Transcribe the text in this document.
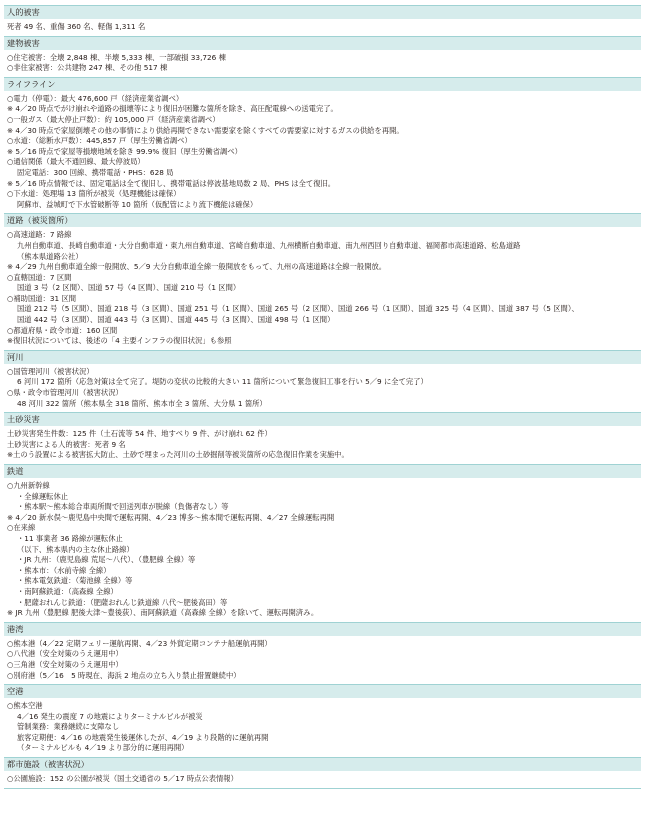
人的被害
死者 49 名、重傷 360 名、軽傷 1,311 名
建物被害
○住宅被害：全壊 2,848 棟、半壊 5,333 棟、一部破損 33,726 棟
○非住家被害：公共建物 247 棟、その他 517 棟
ライフライン
○電力（停電）：最大 476,600 戸（経済産業省調べ）
※ 4／20 時点でがけ崩れや道路の損壊等により復旧が困難な箇所を除き、高圧配電線への送電完了。
○一般ガス（最大停止戸数）：約 105,000 戸（経済産業省調べ）
※ 4／30 時点で家屋倒壊その他の事情により供給再開できない需要家を除くすべての需要家に対するガスの供給を再開。
○水道：（総断水戸数）：445,857 戸（厚生労働省調べ）
※ 5／16 時点で家屋等損壊地域を除き 99.9% 復旧（厚生労働省調べ）
○通信関係（最大不通回線、最大停波局）
固定電話：300 回線、携帯電話・PHS：628 局
※ 5／16 時点情報では、固定電話は全て復旧し、携帯電話は停波基地局数 2 局、PHS は全て復旧。
○下水道：処理場 13 箇所が被災（処理機能は確保）
阿蘇市、益城町で下水管破断等 10 箇所（仮配管により流下機能は確保）
道路（被災箇所）
○高速道路：7 路線
九州自動車道、長崎自動車道・大分自動車道・東九州自動車道、宮崎自動車道、九州横断自動車道、南九州西回り自動車道、福岡都市高速道路、松島道路
（熊本県道路公社）
※ 4／29 九州自動車道全線一般開放、5／9 大分自動車道全線一般開放をもって、九州の高速道路は全線一般開放。
○直轄国道：7 区間
国道 3 号（2 区間）、国道 57 号（4 区間）、国道 210 号（1 区間）
○補助国道：31 区間
国道 212 号（5 区間）、国道 218 号（3 区間）、国道 251 号（1 区間）、国道 265 号（2 区間）、国道 266 号（1 区間）、国道 325 号（4 区間）、国道 387 号（5 区間）、
国道 442 号（3 区間）、国道 443 号（3 区間）、国道 445 号（3 区間）、国道 498 号（1 区間）
○都道府県・政令市道：160 区間
※復旧状況については、後述の「4 主要インフラの復旧状況」も参照
河川
○国管理河川（被害状況）
6 河川 172 箇所（応急対策は全て完了。堤防の変状の比較的大きい 11 箇所について緊急復旧工事を行い 5／9 に全て完了）
○県・政令市管理河川（被害状況）
48 河川 322 箇所（熊本県全 318 箇所、熊本市全 3 箇所、大分県 1 箇所）
土砂災害
土砂災害発生件数：125 件（土石流等 54 件、地すべり 9 件、がけ崩れ 62 件）
土砂災害による人的被害：死者 9 名
※土のう設置による被害拡大防止、土砂で埋まった河川の土砂掘削等被災箇所の応急復旧作業を実施中。
鉄道
○九州新幹線
・全線運転休止
・熊本駅〜熊本総合車両所間で回送列車が脱線（負傷者なし）等
※ 4／20 新水俣〜鹿児島中央間で運転再開、4／23 博多〜熊本間で運転再開、4／27 全線運転再開
○在来線
・11 事業者 36 路線が運転休止
（以下、熊本県内の主な休止路線）
・JR 九州：（鹿児島線 荒尾〜八代）、（豊肥線 全線）等
・熊本市：（水前寺線 全線）
・熊本電気鉄道：（菊池線 全線）等
・南阿蘇鉄道：（高森線 全線）
・肥薩おれんじ鉄道：（肥薩おれんじ鉄道線 八代〜肥後高田）等
※ JR 九州（豊肥線 肥後大津〜豊後荻）、南阿蘇鉄道（高森線 全線）を除いて、運転再開済み。
港湾
○熊本港（4／22 定期フェリー運航再開、4／23 外貿定期コンテナ船運航再開）
○八代港（安全対策のうえ運用中）
○三角港（安全対策のうえ運用中）
○別府港（5／16　5 時現在、海浜 2 地点の立ち入り禁止措置継続中）
空港
○熊本空港
4／16 発生の震度 7 の地震によりターミナルビルが被災
管制業務：業務継続に支障なし
旅客定期便：4／16 の地震発生後運休したが、4／19 より段階的に運航再開
（ターミナルビルも 4／19 より部分的に運用再開）
都市施設（被害状況）
○公園施設：152 の公園が被災（国土交通省の 5／17 時点公表情報）
